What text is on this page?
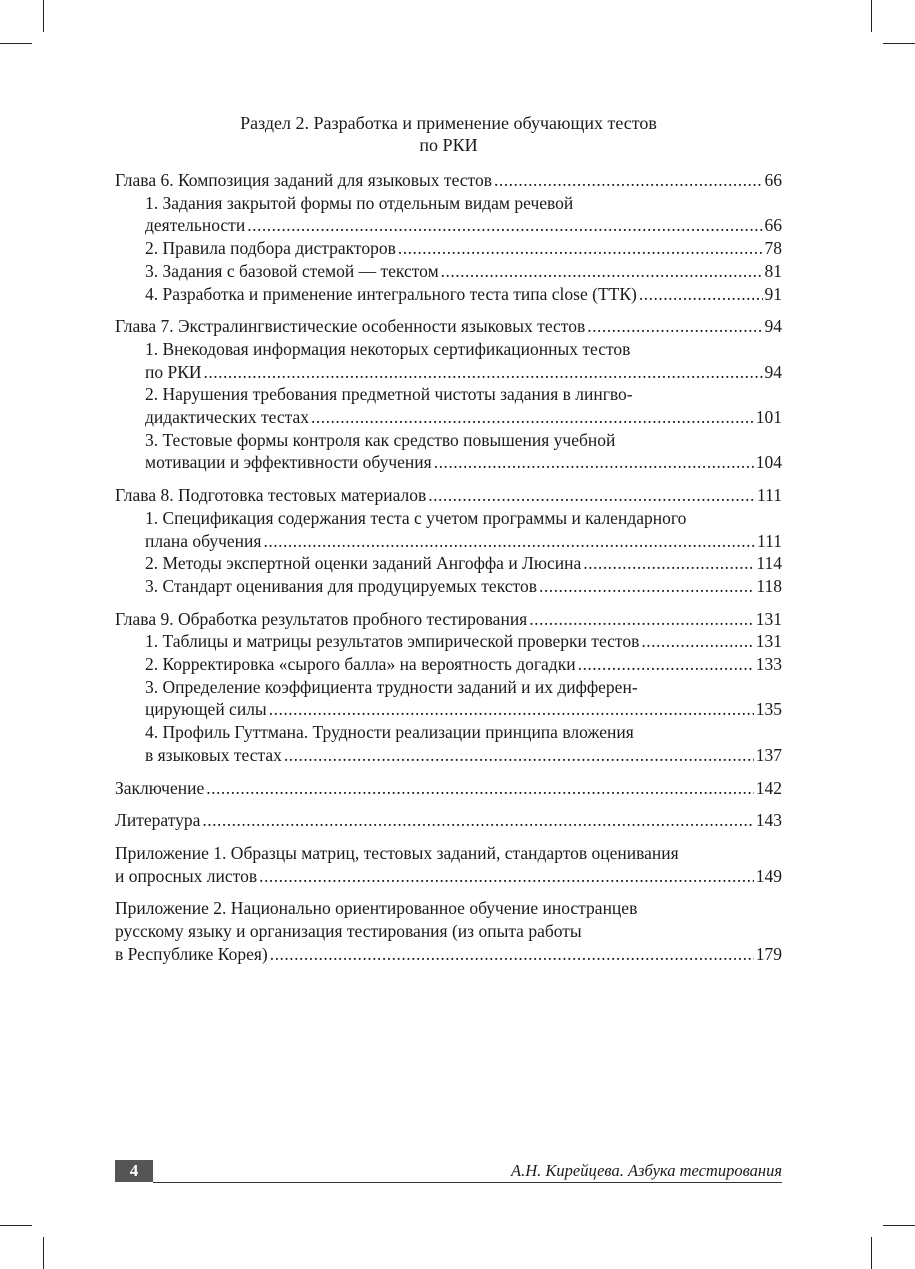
Раздел 2. Разработка и применение обучающих тестов
по РКИ
Глава 6. Композиция заданий для языковых тестов .....	66
1. Задания закрытой формы по отдельным видам речевой
деятельности .....	66
2. Правила подбора дистракторов .....	78
3. Задания с базовой стемой — текстом .....	81
4. Разработка и применение интегрального теста типа close (ТТК) .....	91
Глава 7. Экстралингвистические особенности языковых тестов .....	94
1. Внекодовая информация некоторых сертификационных тестов
по РКИ .....	94
2. Нарушения требования предметной чистоты задания в лингво-
дидактических тестах .....	101
3. Тестовые формы контроля как средство повышения учебной
мотивации и эффективности обучения .....	104
Глава 8. Подготовка тестовых материалов .....	111
1. Спецификация содержания теста с учетом программы и календарного
плана обучения .....	111
2. Методы экспертной оценки заданий Ангоффа и Люсина .....	114
3. Стандарт оценивания для продуцируемых текстов .....	118
Глава 9. Обработка результатов пробного тестирования .....	131
1. Таблицы и матрицы результатов эмпирической проверки тестов .....	131
2. Корректировка «сырого балла» на вероятность догадки .....	133
3. Определение коэффициента трудности заданий и их дифферен-
цирующей силы .....	135
4. Профиль Гуттмана. Трудности реализации принципа вложения
в языковых тестах .....	137
Заключение .....	142
Литература .....	143
Приложение 1. Образцы матриц, тестовых заданий, стандартов оценивания
и опросных листов .....	149
Приложение 2. Национально ориентированное обучение иностранцев
русскому языку и организация тестирования (из опыта работы
в Республике Корея) .....	179
4	А.Н. Кирейцева. Азбука тестирования
